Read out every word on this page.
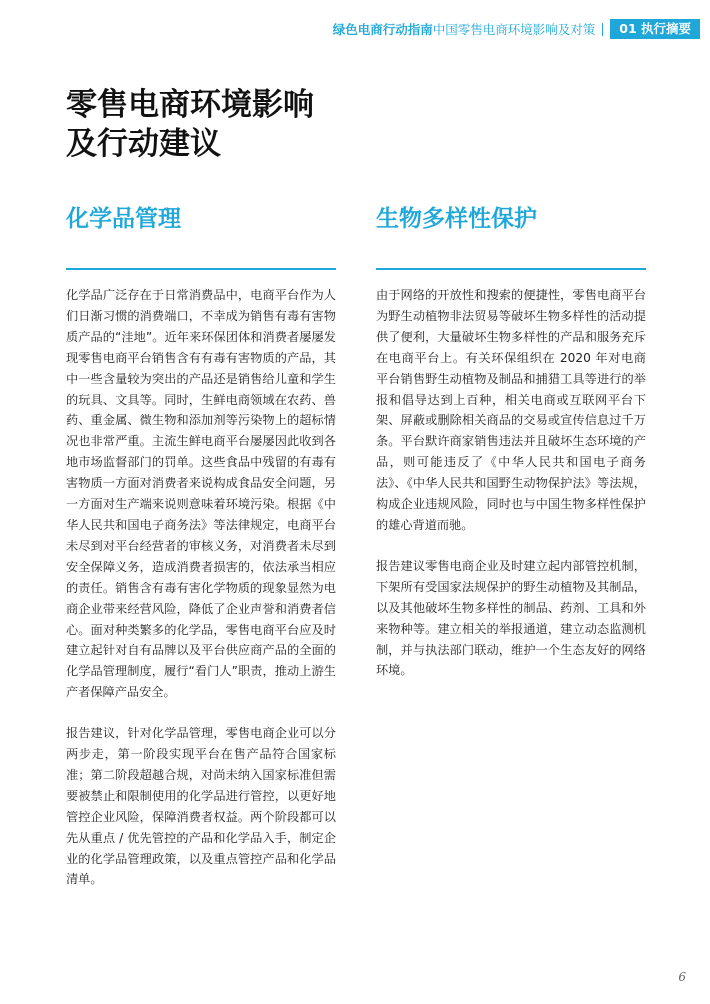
绿色电商行动指南 中国零售电商环境影响及对策	01 执行摘要
零售电商环境影响
及行动建议
化学品管理

化学品广泛存在于日常消费品中，电商平台作为人们日渐习惯的消费端口，不幸成为销售有毒有害物质产品的“洼地”。近年来环保团体和消费者屡屡发现零售电商平台销售含有有毒有害物质的产品，其中一些含量较为突出的产品还是销售给儿童和学生的玩具、文具等。同时，生鲜电商领域在农药、兽药、重金属、微生物和添加剂等污染物上的超标情况也非常严重。主流生鲜电商平台屡屡因此收到各地市场监督部门的罚单。这些食品中残留的有毒有害物质一方面对消费者来说构成食品安全问题，另一方面对生产端来说则意味着环境污染。根据《中华人民共和国电子商务法》等法律规定，电商平台未尽到对平台经营者的审核义务，对消费者未尽到安全保障义务，造成消费者损害的，依法承当相应的责任。销售含有毒有害化学物质的现象显然为电商企业带来经营风险，降低了企业声誉和消费者信心。面对种类繁多的化学品，零售电商平台应及时建立起针对自有品牌以及平台供应商产品的全面的化学品管理制度，履行“看门人”职责，推动上游生产者保障产品安全。

报告建议，针对化学品管理，零售电商企业可以分两步走，第一阶段实现平台在售产品符合国家标准；第二阶段超越合规，对尚未纳入国家标准但需要被禁止和限制使用的化学品进行管控，以更好地管控企业风险，保障消费者权益。两个阶段都可以先从重点 / 优先管控的产品和化学品入手，制定企业的化学品管理政策，以及重点管控产品和化学品清单。

生物多样性保护

由于网络的开放性和搜索的便捷性，零售电商平台为野生动植物非法贸易等破坏生物多样性的活动提供了便利，大量破坏生物多样性的产品和服务充斥在电商平台上。有关环保组织在 2020 年对电商平台销售野生动植物及制品和捕猎工具等进行的举报和倡导达到上百种，相关电商或互联网平台下架、屏蔽或删除相关商品的交易或宣传信息过千万条。平台默许商家销售违法并且破坏生态环境的产品，则可能违反了《中华人民共和国电子商务法》、《中华人民共和国野生动物保护法》等法规，构成企业违规风险，同时也与中国生物多样性保护的雄心背道而驰。

报告建议零售电商企业及时建立起内部管控机制，下架所有受国家法规保护的野生动植物及其制品，以及其他破坏生物多样性的制品、药剂、工具和外来物种等。建立相关的举报通道，建立动态监测机制，并与执法部门联动，维护一个生态友好的网络环境。

6
